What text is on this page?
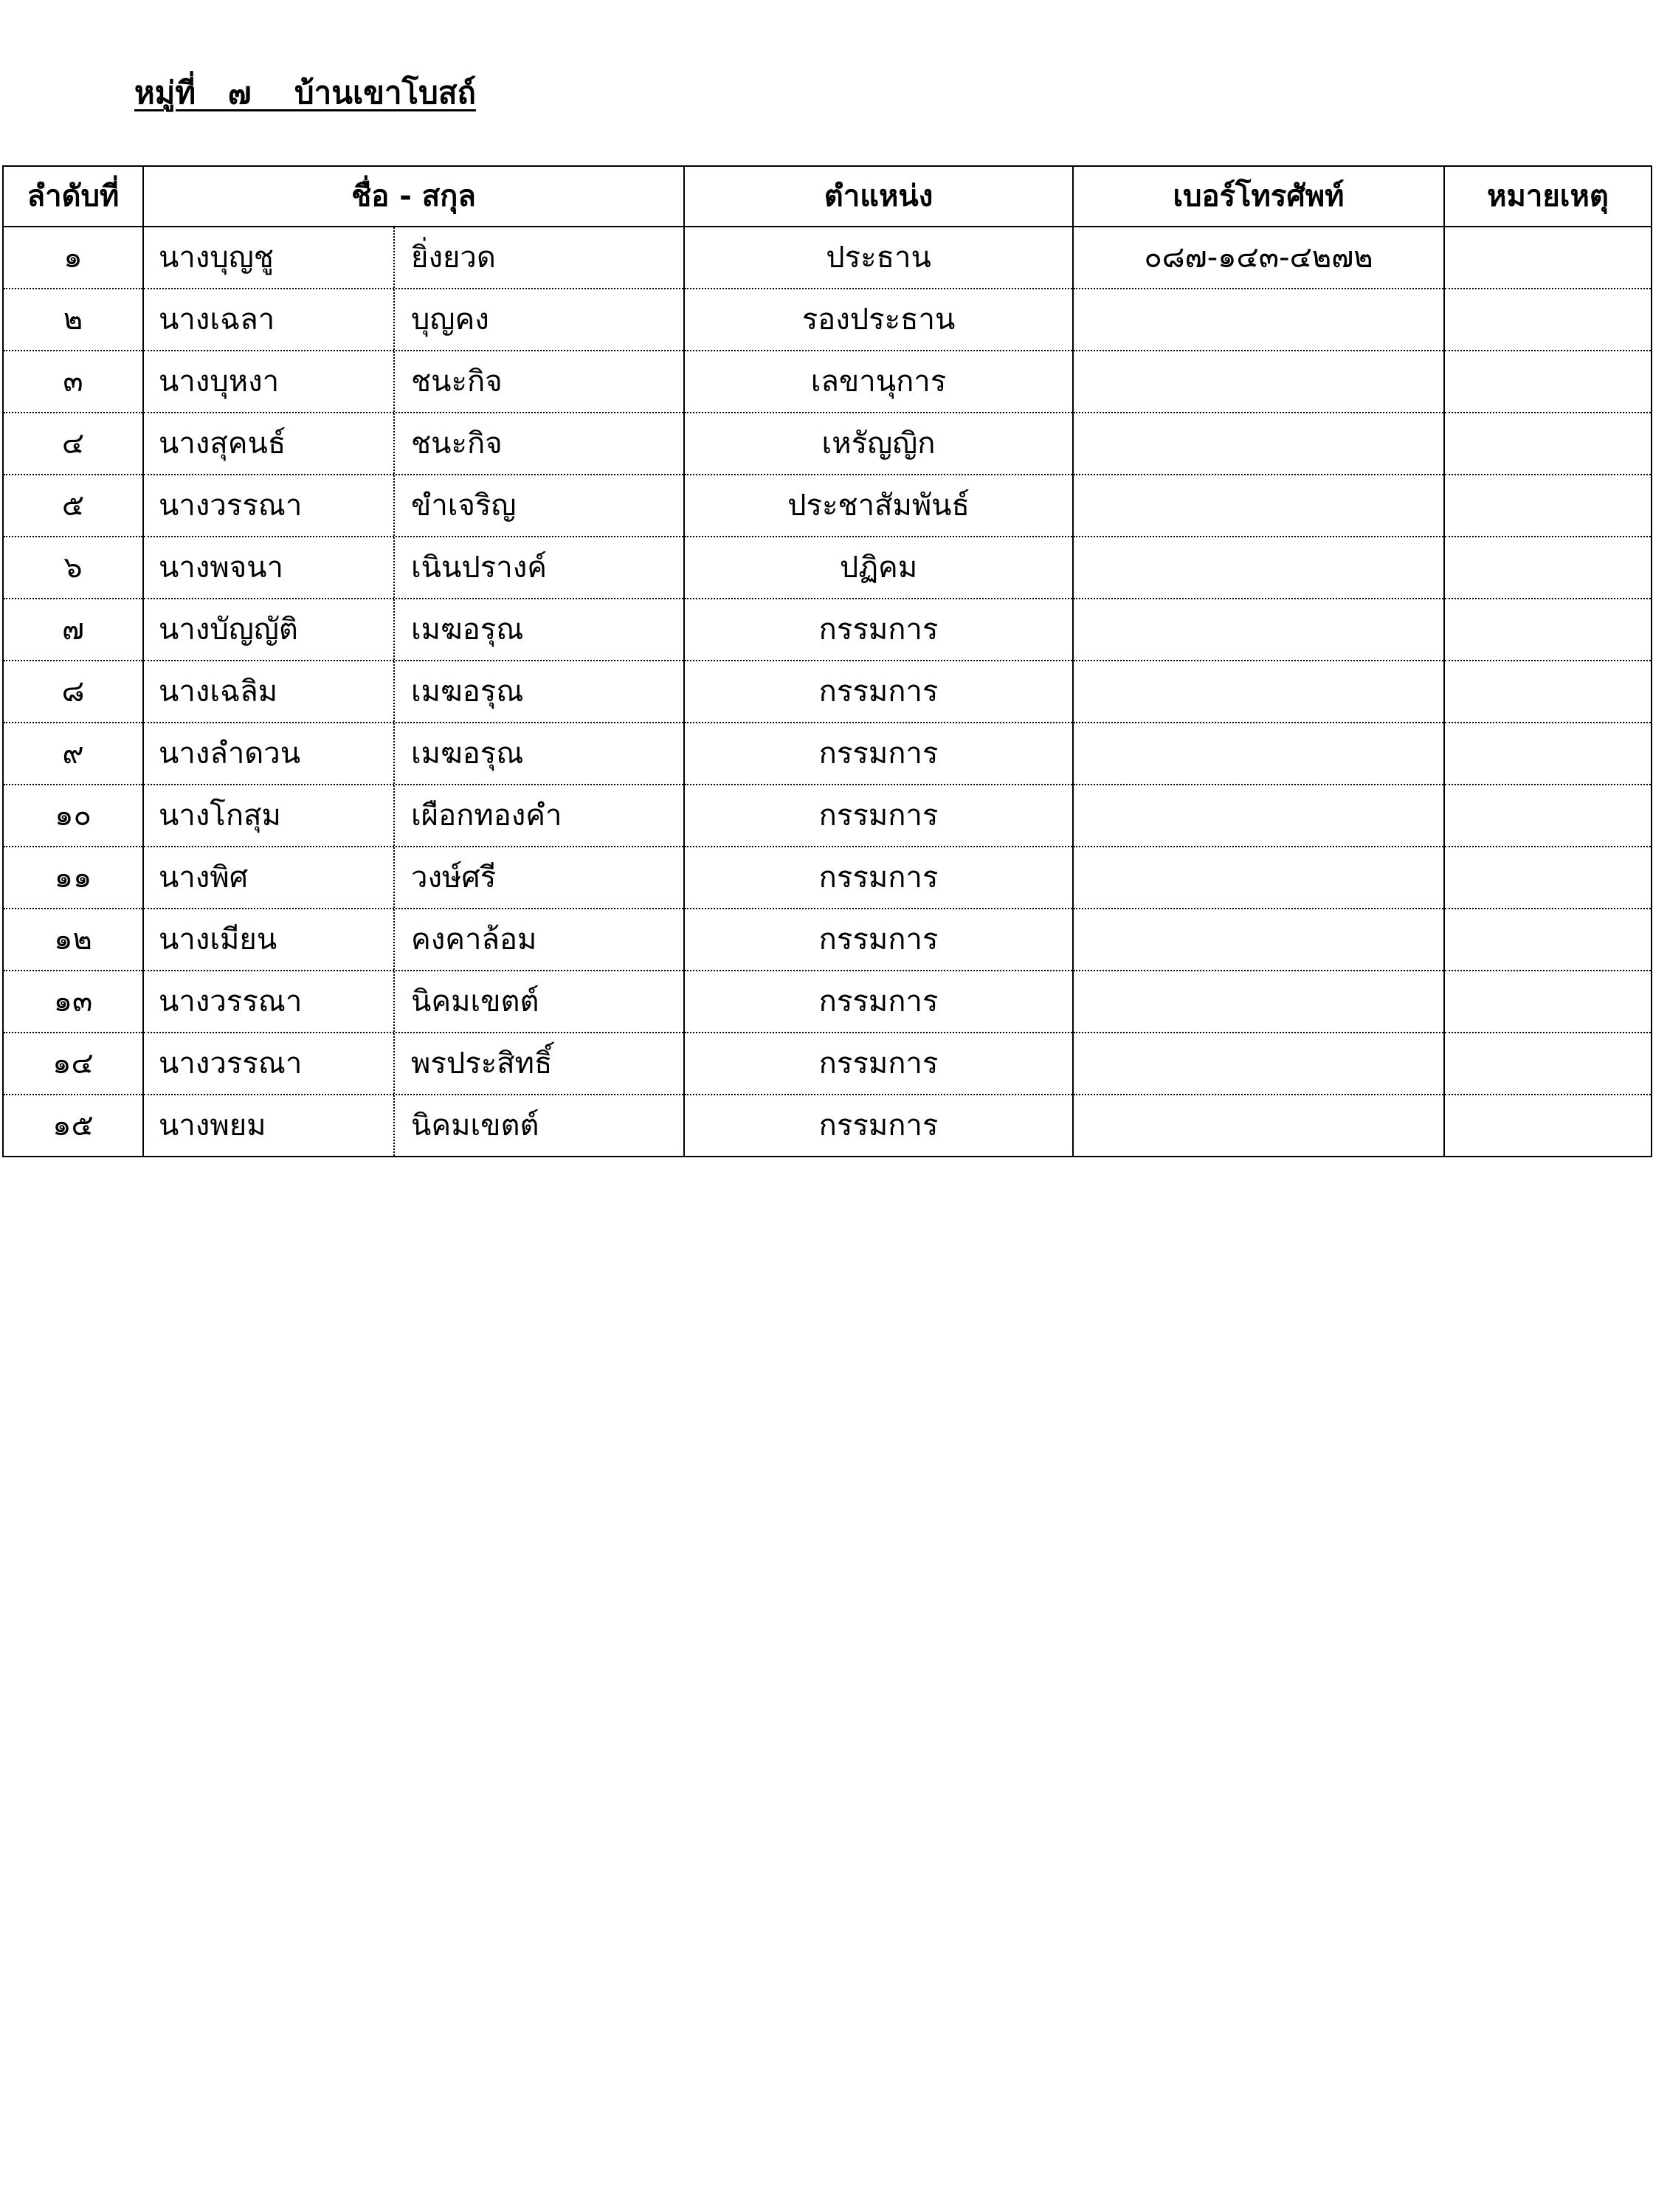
หมู่ที่   ๗    บ้านเขาโบสถ์
ลำดับที่	ชื่อ - สกุล	ตำแหน่ง	เบอร์โทรศัพท์	หมายเหตุ
๑	นางบุญชู ยิ่งยวด	ประธาน	๐๘๗-๑๔๓-๔๒๗๒	
๒	นางเฉลา บุญคง	รองประธาน		
๓	นางบุหงา ชนะกิจ	เลขานุการ		
๔	นางสุคนธ์ ชนะกิจ	เหรัญญิก		
๕	นางวรรณา ขำเจริญ	ประชาสัมพันธ์		
๖	นางพจนา เนินปรางค์	ปฏิคม		
๗	นางบัญญัติ เมฆอรุณ	กรรมการ		
๘	นางเฉลิม เมฆอรุณ	กรรมการ		
๙	นางลำดวน เมฆอรุณ	กรรมการ		
๑๐	นางโกสุม เผือกทองคำ	กรรมการ		
๑๑	นางพิศ วงษ์ศรี	กรรมการ		
๑๒	นางเมียน คงคาล้อม	กรรมการ		
๑๓	นางวรรณา นิคมเขตต์	กรรมการ		
๑๔	นางวรรณา พรประสิทธิ์	กรรมการ		
๑๕	นางพยม นิคมเขตต์	กรรมการ		
